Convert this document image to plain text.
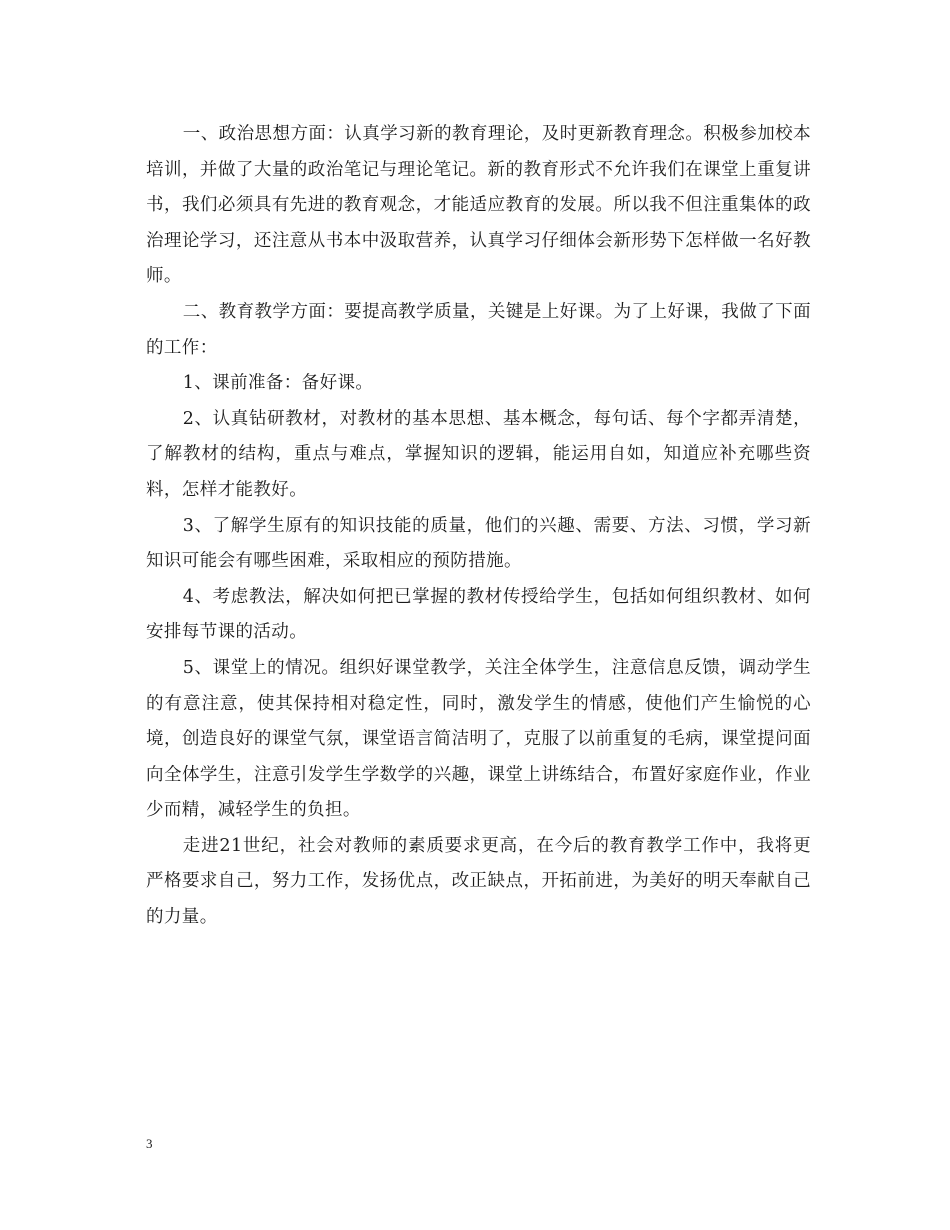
一、政治思想方面：认真学习新的教育理论，及时更新教育理念。积极参加校本培训，并做了大量的政治笔记与理论笔记。新的教育形式不允许我们在课堂上重复讲书，我们必须具有先进的教育观念，才能适应教育的发展。所以我不但注重集体的政治理论学习，还注意从书本中汲取营养，认真学习仔细体会新形势下怎样做一名好教师。

二、教育教学方面：要提高教学质量，关键是上好课。为了上好课，我做了下面的工作：

1、课前准备：备好课。

2、认真钻研教材，对教材的基本思想、基本概念，每句话、每个字都弄清楚，了解教材的结构，重点与难点，掌握知识的逻辑，能运用自如，知道应补充哪些资料，怎样才能教好。

3、了解学生原有的知识技能的质量，他们的兴趣、需要、方法、习惯，学习新知识可能会有哪些困难，采取相应的预防措施。

4、考虑教法，解决如何把已掌握的教材传授给学生，包括如何组织教材、如何安排每节课的活动。

5、课堂上的情况。组织好课堂教学，关注全体学生，注意信息反馈，调动学生的有意注意，使其保持相对稳定性，同时，激发学生的情感，使他们产生愉悦的心境，创造良好的课堂气氛，课堂语言简洁明了，克服了以前重复的毛病，课堂提问面向全体学生，注意引发学生学数学的兴趣，课堂上讲练结合，布置好家庭作业，作业少而精，减轻学生的负担。

走进21世纪，社会对教师的素质要求更高，在今后的教育教学工作中，我将更严格要求自己，努力工作，发扬优点，改正缺点，开拓前进，为美好的明天奉献自己的力量。

3
